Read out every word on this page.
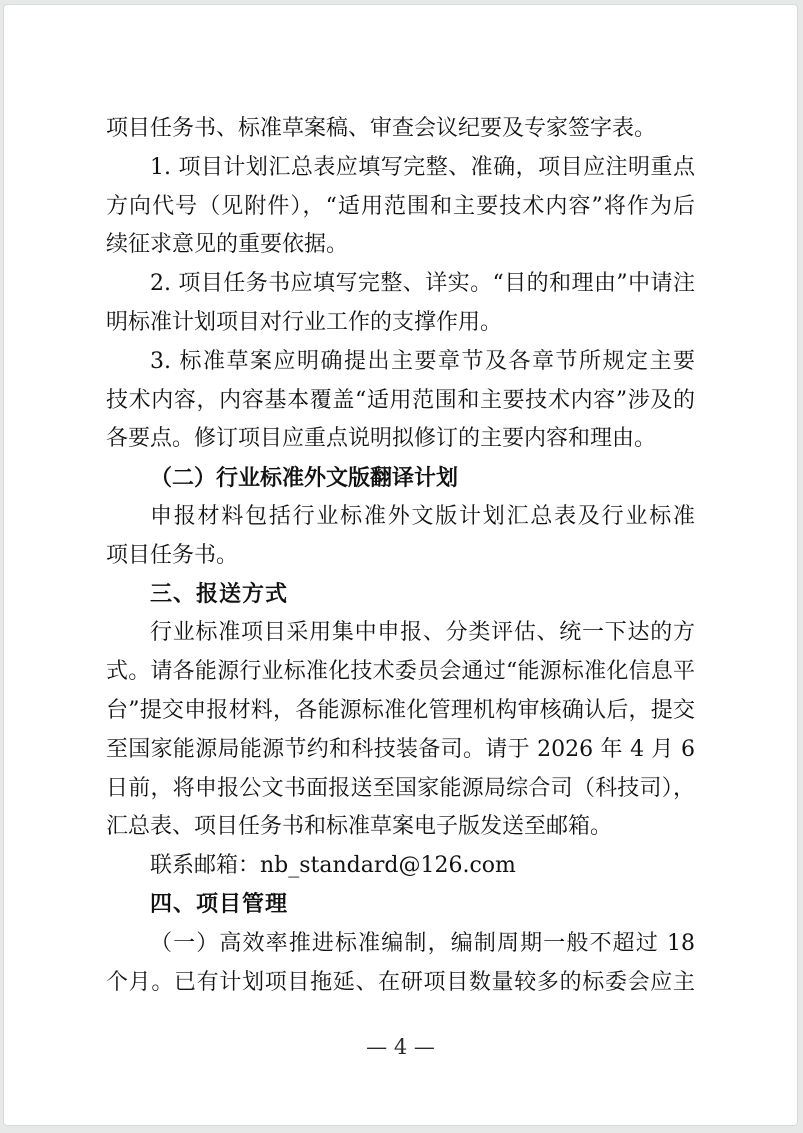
项目任务书、标准草案稿、审查会议纪要及专家签字表。
1. 项目计划汇总表应填写完整、准确，项目应注明重点
方向代号（见附件），“适用范围和主要技术内容”将作为后
续征求意见的重要依据。
2. 项目任务书应填写完整、详实。“目的和理由”中请注
明标准计划项目对行业工作的支撑作用。
3. 标准草案应明确提出主要章节及各章节所规定主要
技术内容，内容基本覆盖“适用范围和主要技术内容”涉及的
各要点。修订项目应重点说明拟修订的主要内容和理由。
（二）行业标准外文版翻译计划
申报材料包括行业标准外文版计划汇总表及行业标准
项目任务书。
三、报送方式
行业标准项目采用集中申报、分类评估、统一下达的方
式。请各能源行业标准化技术委员会通过“能源标准化信息平
台”提交申报材料，各能源标准化管理机构审核确认后，提交
至国家能源局能源节约和科技装备司。请于 2026 年 4 月 6
日前，将申报公文书面报送至国家能源局综合司（科技司），
汇总表、项目任务书和标准草案电子版发送至邮箱。
联系邮箱：nb_standard@126.com
四、项目管理
（一）高效率推进标准编制，编制周期一般不超过 18
个月。已有计划项目拖延、在研项目数量较多的标委会应主
— 4 —
